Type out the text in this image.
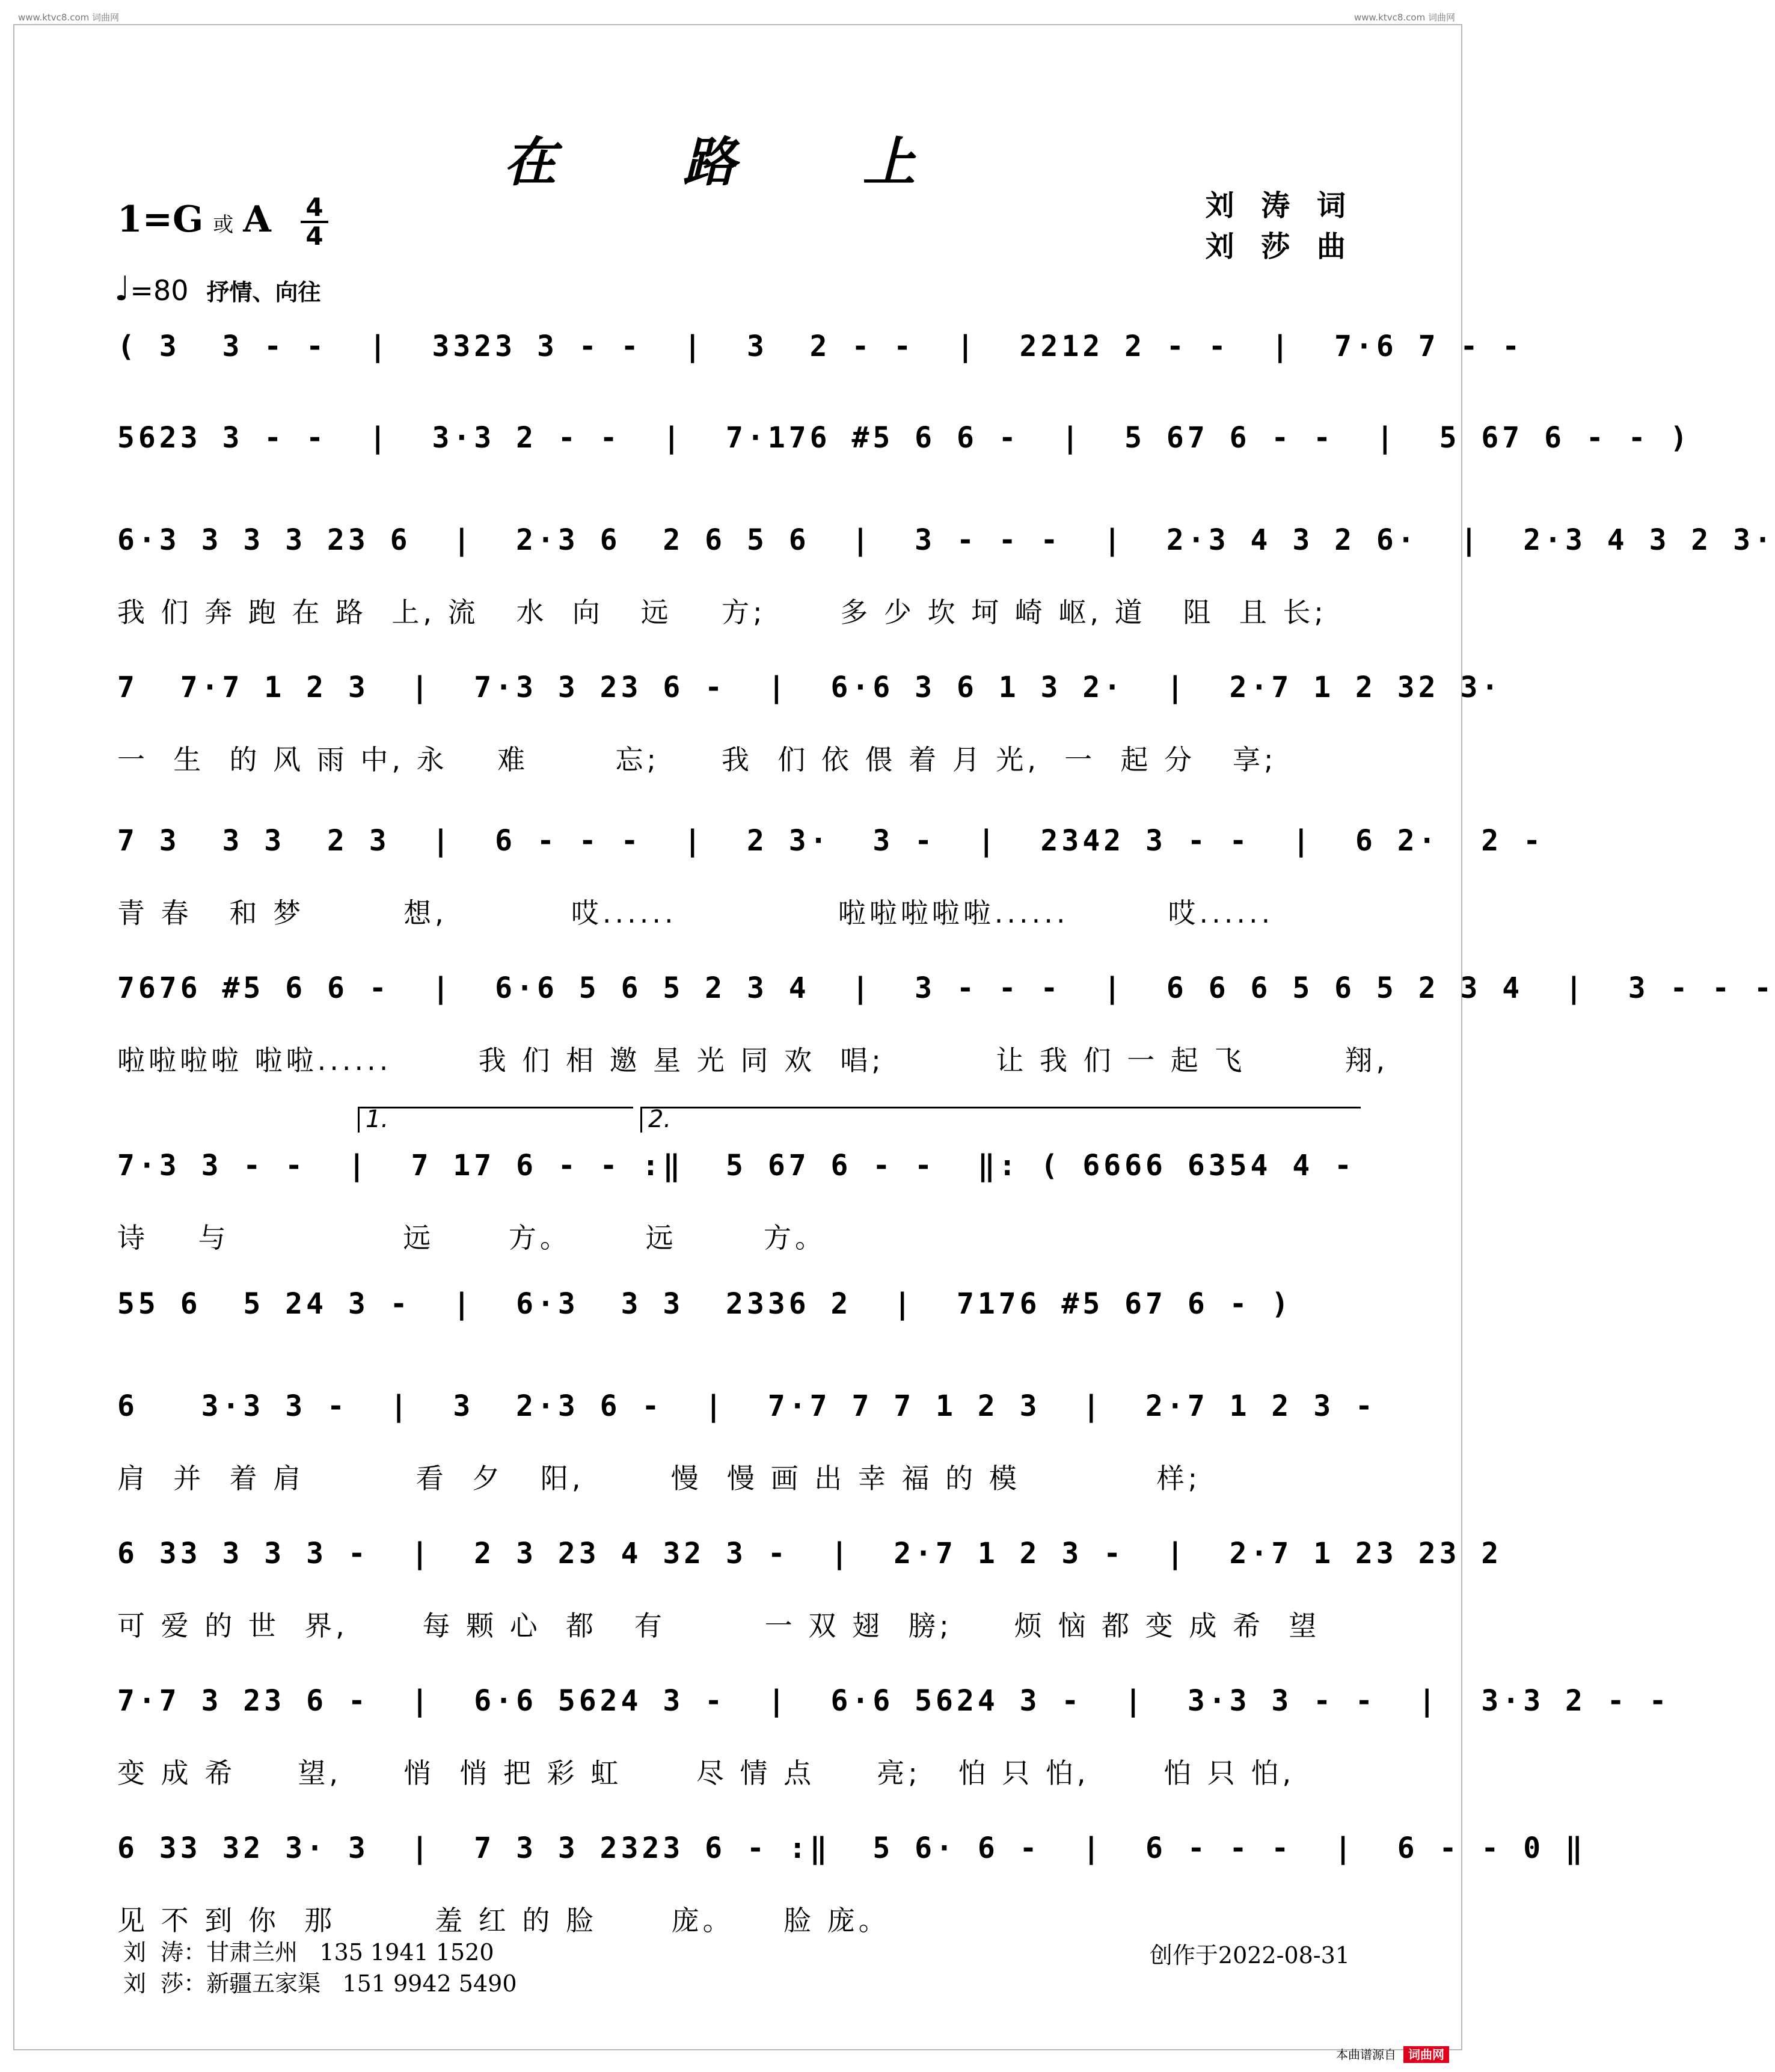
www.ktvc8.com 词曲网	www.ktvc8.com 词曲网
在 路 上
1=G 或 A 4
4
刘 涛 词
刘 莎 曲
♩=80 抒情、向往
( 3  3 - -  |  3323 3 - -  |  3  2 - -  |  2212 2 - -  |  7·6 7 - -
5623 3 - -  |  3·3 2 - -  |  7·176 #5 6 6 -  |  5 67 6 - -  |  5 67 6 - - )
6·3 3 3 3 23 6  |  2·3 6  2 6 5 6  |  3 - - -  |  2·3 4 3 2 6·  |  2·3 4 3 2 3·
我 们 奔 跑 在 路  上, 流   水  向   远    方;      多 少 坎 坷 崎 岖, 道   阻  且 长;
7  7·7 1 2 3  |  7·3 3 23 6 -  |  6·6 3 6 1 3 2·  |  2·7 1 2 32 3·
一  生  的 风 雨 中, 永    难       忘;     我  们 依 偎 着 月 光,  一  起 分   享;
7 3  3 3  2 3  |  6 - - -  |  2 3·  3 -  |  2342 3 - -  |  6 2·  2 -
青 春   和 梦        想,          哎......             啦啦啦啦啦......        哎......
7676 #5 6 6 -  |  6·6 5 6 5 2 3 4  |  3 - - -  |  6 6 6 5 6 5 2 3 4  |  3 - - -
啦啦啦啦 啦啦......       我 们 相 邀 星 光 同 欢  唱;         让 我 们 一 起 飞        翔,
1.	2.
7·3 3 - -  |  7 17 6 - - :‖  5 67 6 - -  ‖: ( 6666 6354 4 -
诗    与              远      方。      远       方。
55 6  5 24 3 -  |  6·3  3 3  2336 2  |  7176 #5 67 6 - )
6   3·3 3 -  |  3  2·3 6 -  |  7·7 7 7 1 2 3  |  2·7 1 2 3 -
肩  并  着 肩         看  夕   阳,       慢  慢 画 出 幸 福 的 模           样;
6 33 3 3 3 -  |  2 3 23 4 32 3 -  |  2·7 1 2 3 -  |  2·7 1 23 23 2
可 爱 的 世  界,      每 颗 心  都   有        一 双 翅  膀;     烦 恼 都 变 成 希  望
7·7 3 23 6 -  |  6·6 5624 3 -  |  6·6 5624 3 -  |  3·3 3 - -  |  3·3 2 - -
变 成 希     望,     悄  悄 把 彩 虹      尽 情 点     亮;   怕 只 怕,      怕 只 怕,
6 33 32 3· 3  |  7 3 3 2323 6 - :‖  5 6· 6 -  |  6 - - -  |  6 - - 0 ‖
见 不 到 你  那        羞 红 的 脸      庞。    脸 庞。
刘  涛：甘肃兰州   135 1941 1520
刘  莎：新疆五家渠   151 9942 5490
创作于2022-08-31
本曲谱源自 词曲网
